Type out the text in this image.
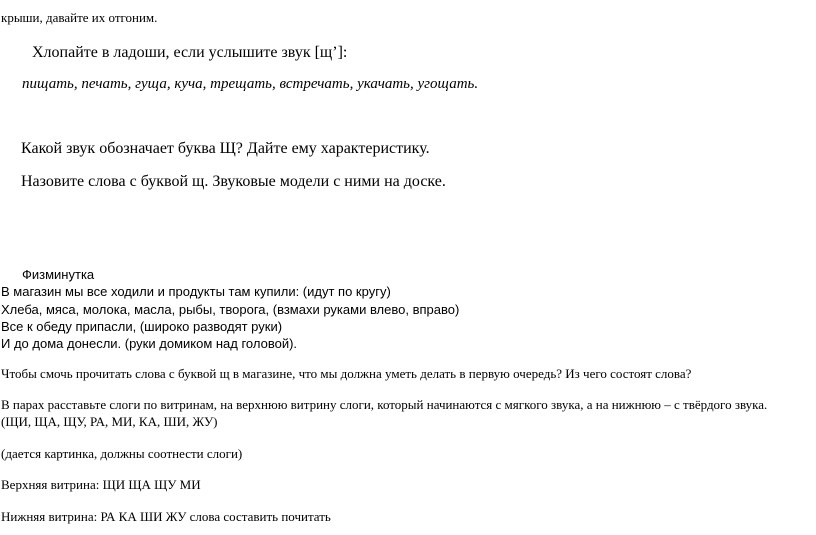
крыши, давайте их отгоним.

Хлопайте в ладоши, если услышите звук [щ’]:

пищать, печать, гуща, куча, трещать, встречать, укачать, угощать.

Какой звук обозначает буква Щ? Дайте ему характеристику.

Назовите слова с буквой щ. Звуковые модели с ними на доске.

Физминутка

В магазин мы все ходили и продукты там купили: (идут по кругу)

Хлеба, мяса, молока, масла, рыбы, творога, (взмахи руками влево, вправо)

Все к обеду припасли, (широко разводят руки)

И до дома донесли. (руки домиком над головой).

Чтобы смочь прочитать слова с буквой щ в магазине, что мы должна уметь делать в первую очередь? Из чего состоят слова?

В парах расставьте слоги по витринам, на верхнюю витрину слоги, который начинаются с мягкого звука, а на нижнюю – с твёрдого звука.

(ЩИ, ЩА, ЩУ, РА, МИ, КА, ШИ, ЖУ)

(дается картинка, должны соотнести слоги)

Верхняя витрина: ЩИ ЩА ЩУ МИ

Нижняя витрина: РА КА ШИ ЖУ слова составить почитать
